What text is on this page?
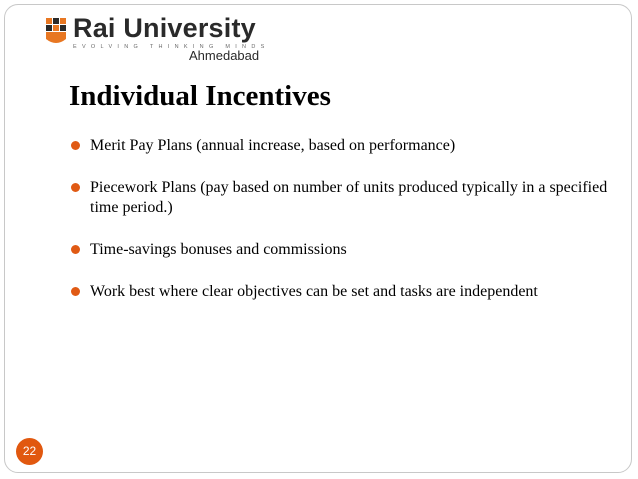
Rai University
EVOLVING THINKING MINDS
Ahmedabad
Individual Incentives
Merit Pay Plans (annual increase, based on performance)
Piecework Plans (pay based on number of units produced typically in a specified time period.)
Time-savings bonuses and commissions
Work best where clear objectives can be set and tasks are independent
22
